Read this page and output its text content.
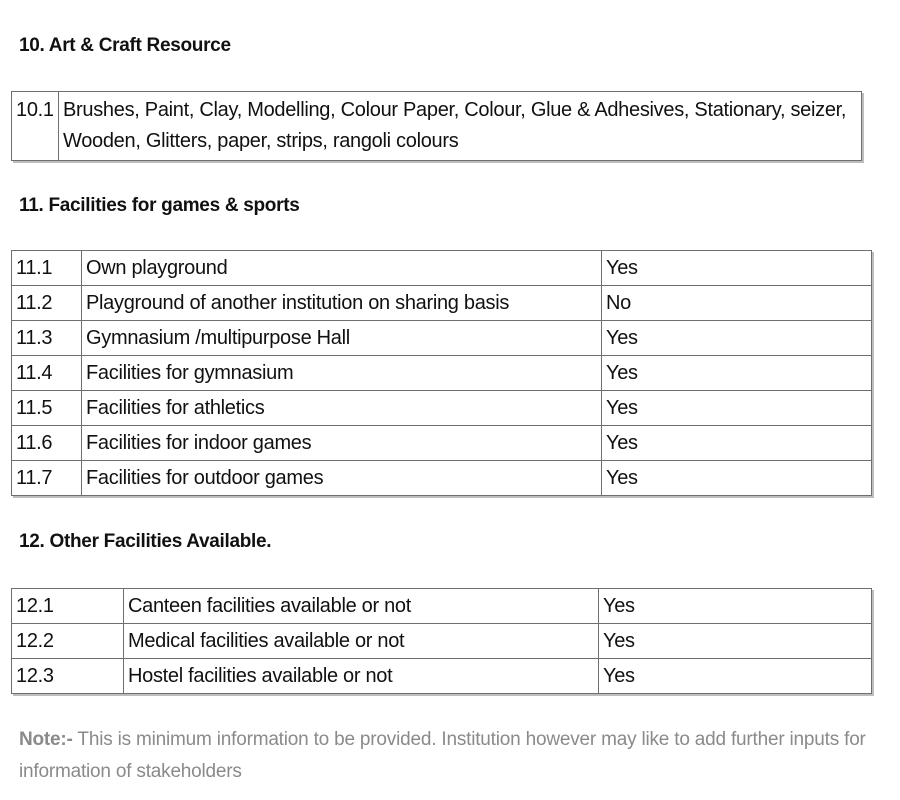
10. Art & Craft Resource
10.1	Brushes, Paint, Clay, Modelling, Colour Paper, Colour, Glue & Adhesives, Stationary, seizer, Wooden, Glitters, paper, strips, rangoli colours
11. Facilities for games & sports
11.1	Own playground	Yes
11.2	Playground of another institution on sharing basis	No
11.3	Gymnasium /multipurpose Hall	Yes
11.4	Facilities for gymnasium	Yes
11.5	Facilities for athletics	Yes
11.6	Facilities for indoor games	Yes
11.7	Facilities for outdoor games	Yes
12. Other Facilities Available.
12.1	Canteen facilities available or not	Yes
12.2	Medical facilities available or not	Yes
12.3	Hostel facilities available or not	Yes

Note:- This is minimum information to be provided. Institution however may like to add further inputs for information of stakeholders
